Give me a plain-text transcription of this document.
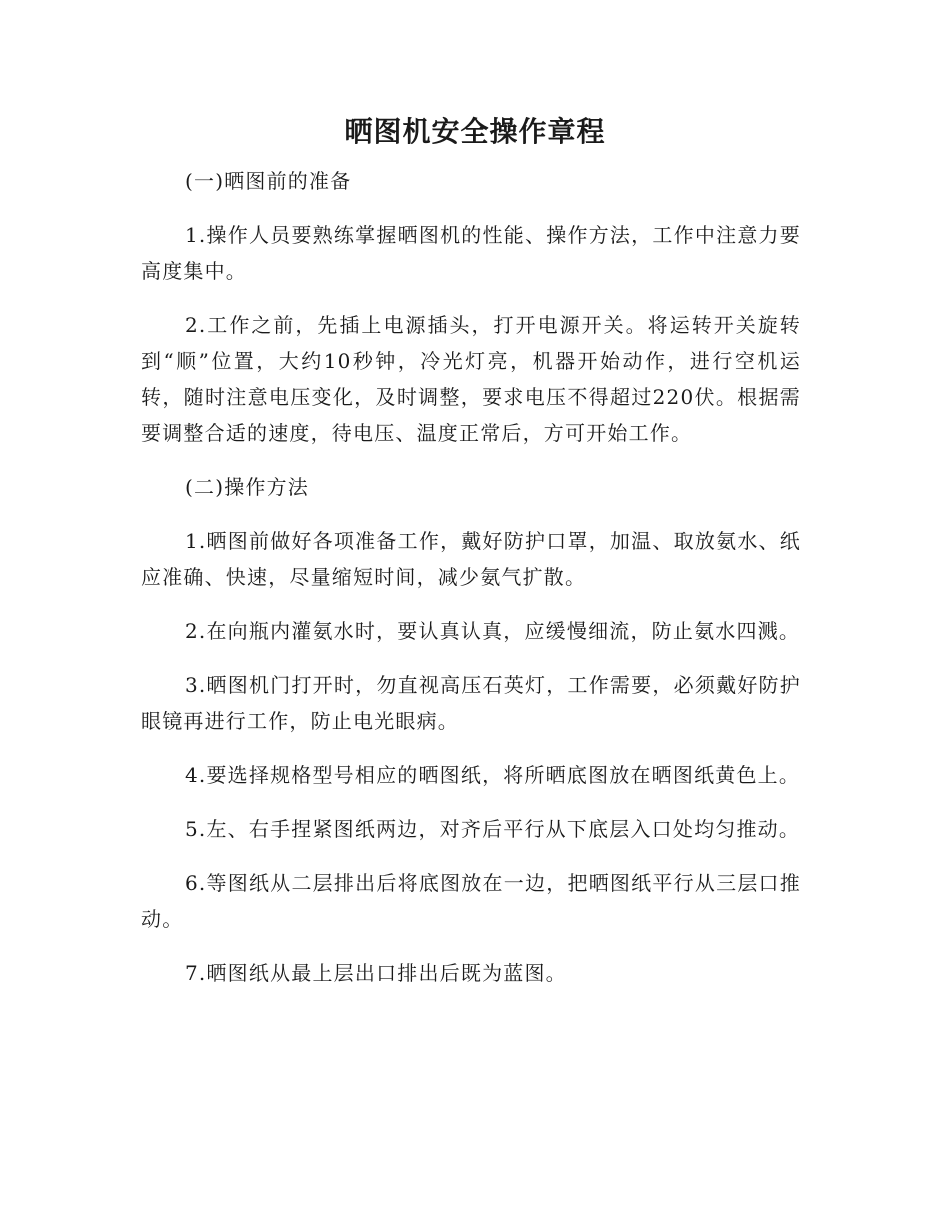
晒图机安全操作章程

(一)晒图前的准备

1.操作人员要熟练掌握晒图机的性能、操作方法，工作中注意力要高度集中。

2.工作之前，先插上电源插头，打开电源开关。将运转开关旋转到“顺”位置，大约10秒钟，冷光灯亮，机器开始动作，进行空机运转，随时注意电压变化，及时调整，要求电压不得超过220伏。根据需要调整合适的速度，待电压、温度正常后，方可开始工作。

(二)操作方法

1.晒图前做好各项准备工作，戴好防护口罩，加温、取放氨水、纸应准确、快速，尽量缩短时间，减少氨气扩散。

2.在向瓶内灌氨水时，要认真认真，应缓慢细流，防止氨水四溅。

3.晒图机门打开时，勿直视高压石英灯，工作需要，必须戴好防护眼镜再进行工作，防止电光眼病。

4.要选择规格型号相应的晒图纸，将所晒底图放在晒图纸黄色上。

5.左、右手捏紧图纸两边，对齐后平行从下底层入口处均匀推动。

6.等图纸从二层排出后将底图放在一边，把晒图纸平行从三层口推动。

7.晒图纸从最上层出口排出后既为蓝图。
